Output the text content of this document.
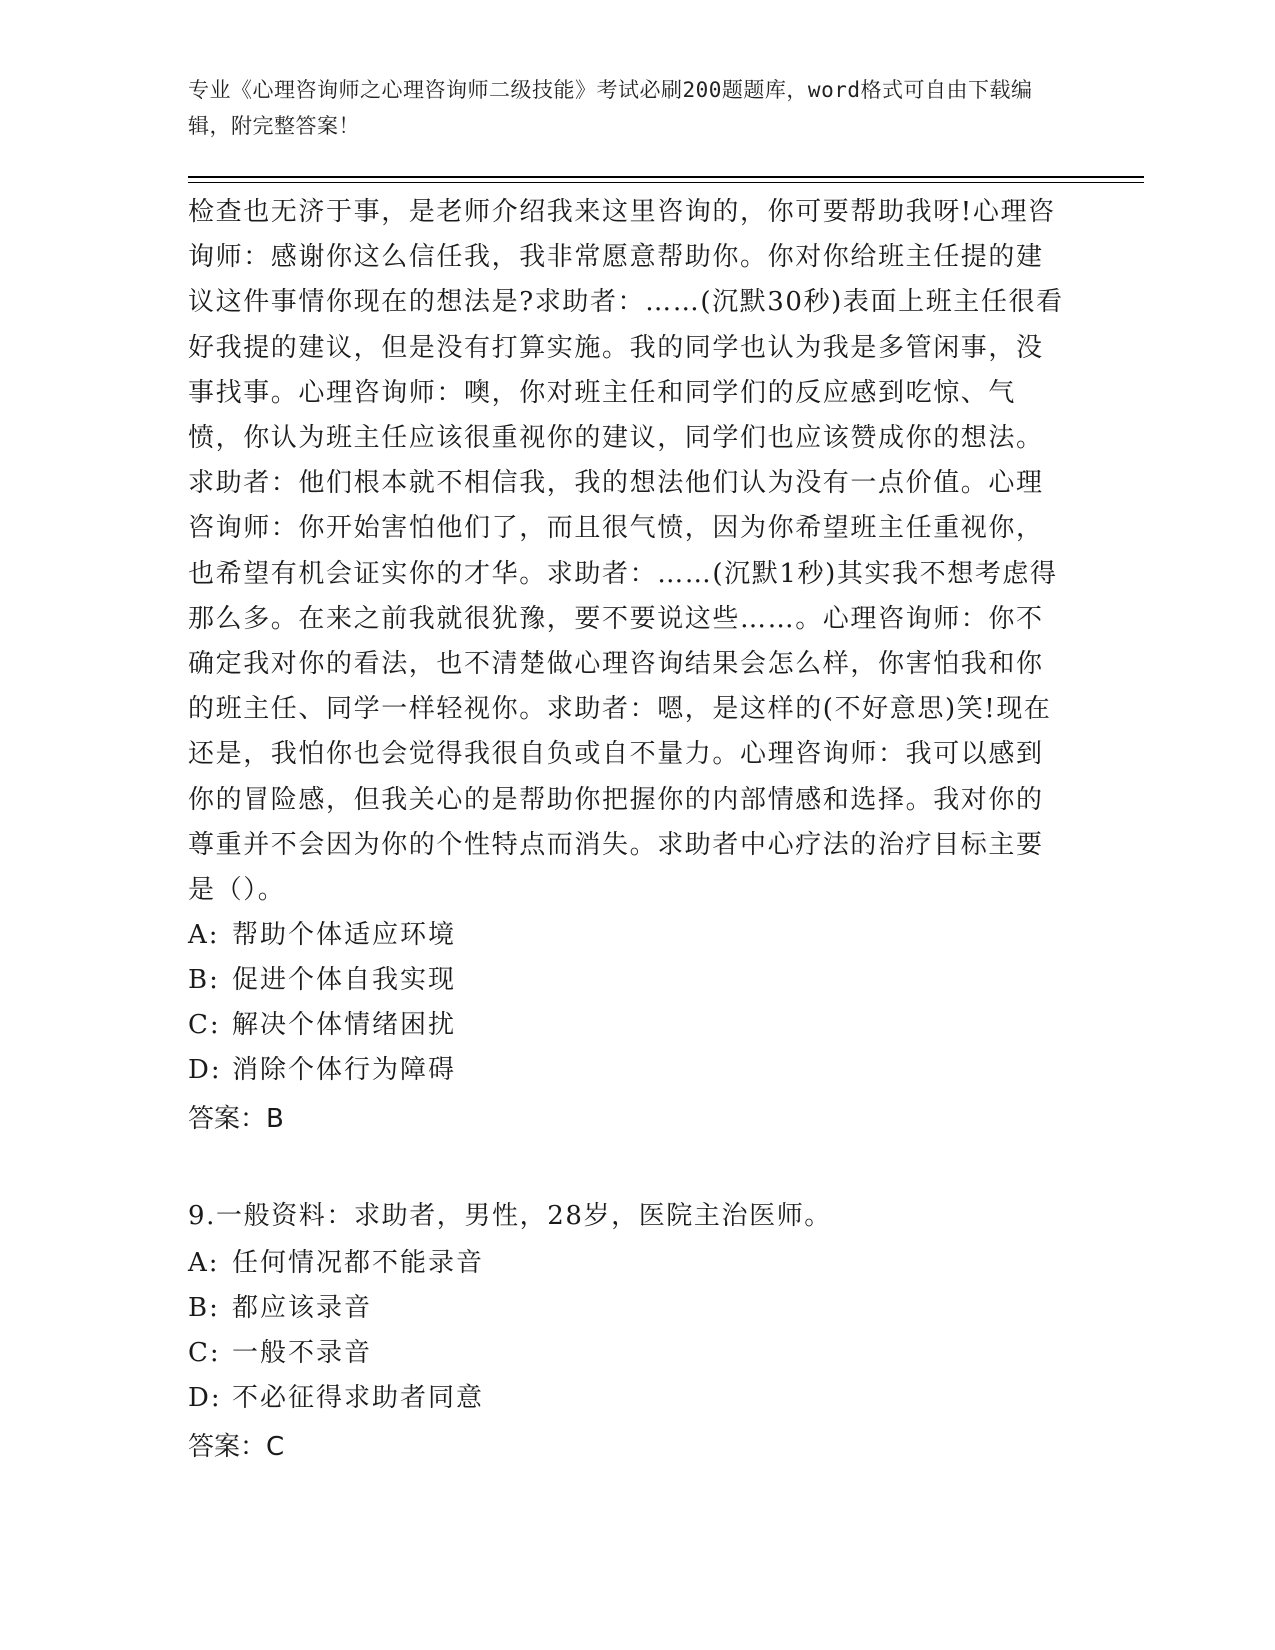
专业《心理咨询师之心理咨询师二级技能》考试必刷200题题库，word格式可自由下载编辑，附完整答案！

检查也无济于事，是老师介绍我来这里咨询的，你可要帮助我呀!心理咨询师：感谢你这么信任我，我非常愿意帮助你。你对你给班主任提的建议这件事情你现在的想法是?求助者：……(沉默30秒)表面上班主任很看好我提的建议，但是没有打算实施。我的同学也认为我是多管闲事，没事找事。心理咨询师：噢，你对班主任和同学们的反应感到吃惊、气愤，你认为班主任应该很重视你的建议，同学们也应该赞成你的想法。求助者：他们根本就不相信我，我的想法他们认为没有一点价值。心理咨询师：你开始害怕他们了，而且很气愤，因为你希望班主任重视你，也希望有机会证实你的才华。求助者：……(沉默1秒)其实我不想考虑得那么多。在来之前我就很犹豫，要不要说这些……。心理咨询师：你不确定我对你的看法，也不清楚做心理咨询结果会怎么样，你害怕我和你的班主任、同学一样轻视你。求助者：嗯，是这样的(不好意思)笑!现在还是，我怕你也会觉得我很自负或自不量力。心理咨询师：我可以感到你的冒险感，但我关心的是帮助你把握你的内部情感和选择。我对你的尊重并不会因为你的个性特点而消失。求助者中心疗法的治疗目标主要是（）。

A: 帮助个体适应环境

B: 促进个体自我实现

C: 解决个体情绪困扰

D: 消除个体行为障碍

答案：B

9.一般资料：求助者，男性，28岁，医院主治医师。

A: 任何情况都不能录音

B: 都应该录音

C: 一般不录音

D: 不必征得求助者同意

答案：C
